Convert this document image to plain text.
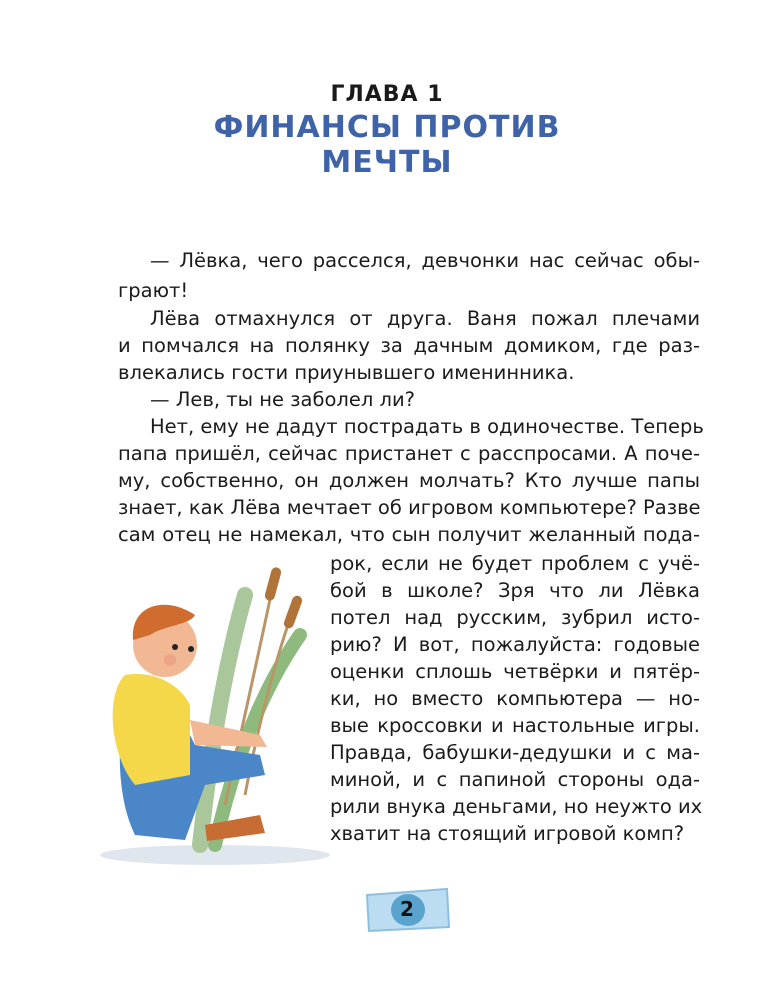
ГЛАВА 1
ФИНАНСЫ ПРОТИВ
МЕЧТЫ
— Лёвка, чего расселся, девчонки нас сейчас обы-
грают!
Лёва отмахнулся от друга. Ваня пожал плечами
и помчался на полянку за дачным домиком, где раз-
влекались гости приунывшего именинника.
— Лев, ты не заболел ли?
Нет, ему не дадут пострадать в одиночестве. Теперь
папа пришёл, сейчас пристанет с расспросами. А поче-
му, собственно, он должен молчать? Кто лучше папы
знает, как Лёва мечтает об игровом компьютере? Разве
сам отец не намекал, что сын получит желанный пода-
рок, если не будет проблем с учё-
бой в школе? Зря что ли Лёвка
потел над русским, зубрил исто-
рию? И вот, пожалуйста: годовые
оценки сплошь четвёрки и пятёр-
ки, но вместо компьютера — но-
вые кроссовки и настольные игры.
Правда, бабушки-дедушки и с ма-
миной, и с папиной стороны ода-
рили внука деньгами, но неужто их
хватит на стоящий игровой комп?
2
